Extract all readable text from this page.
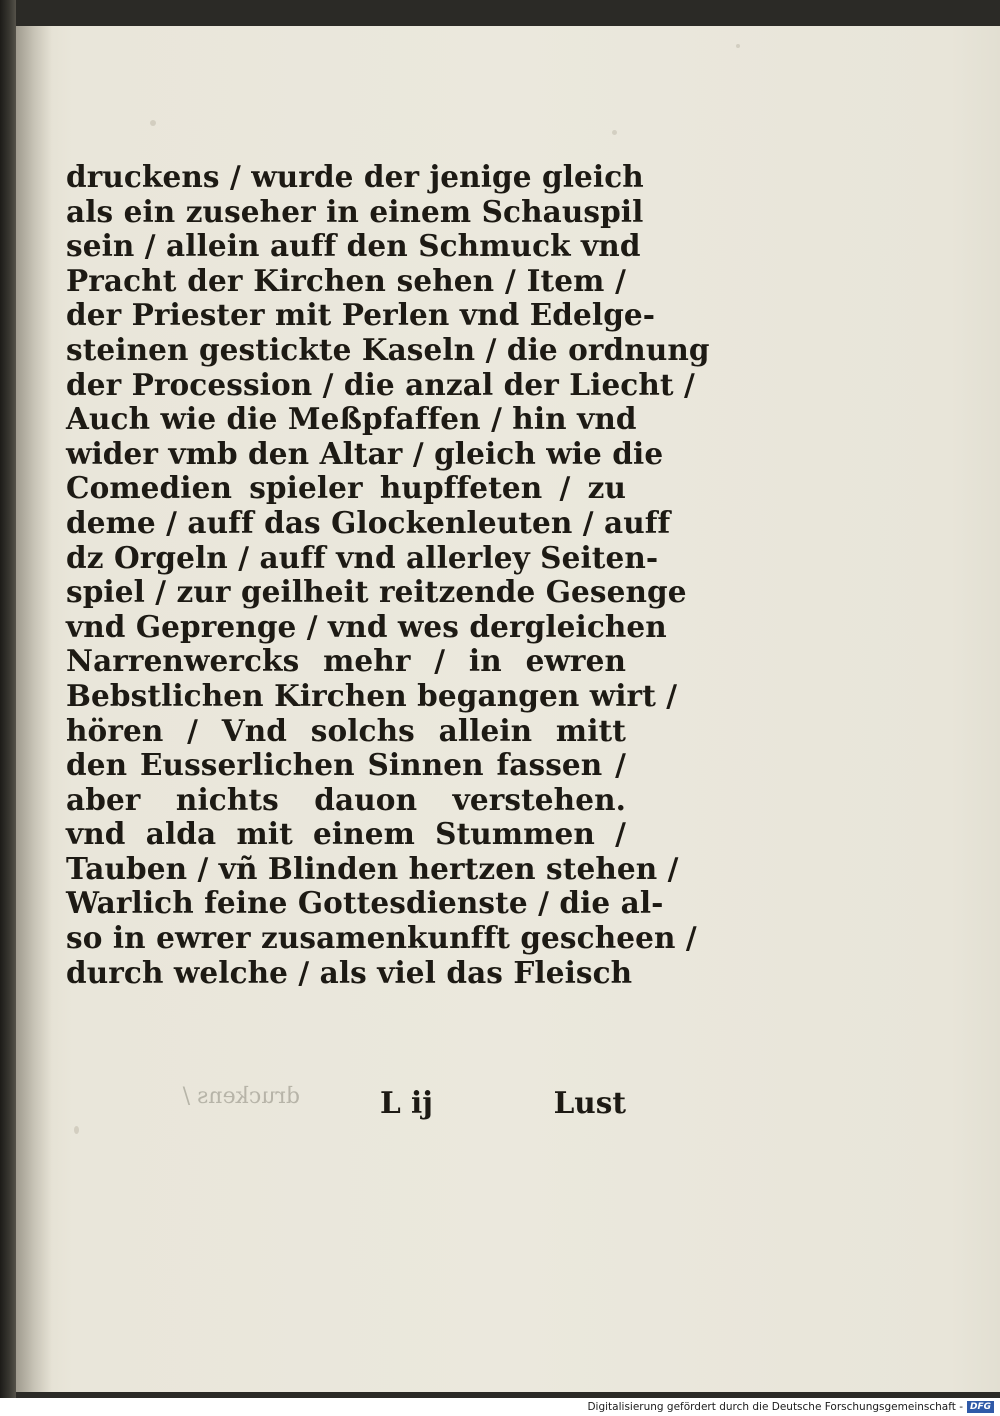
druckens / wurde der jenige gleich
als ein zuseher in einem Schauspil
sein / allein auff den Schmuck vnd
Pracht der Kirchen sehen / Item /
der Priester mit Perlen vnd Edelge-
steinen gestickte Kaseln / die ordnung
der Procession / die anzal der Liecht /
Auch wie die Meßpfaffen / hin vnd
wider vmb den Altar / gleich wie die
Comedien spieler hupffeten / zu
deme / auff das Glockenleuten / auff
dz Orgeln / auff vnd allerley Seiten-
spiel / zur geilheit reitzende Gesenge
vnd Geprenge / vnd wes dergleichen
Narrenwercks mehr / in ewren
Bebstlichen Kirchen begangen wirt /
hören / Vnd solchs allein mitt
den Eusserlichen Sinnen fassen /
aber nichts dauon verstehen.
vnd alda mit einem Stummen /
Tauben / vñ Blinden hertzen stehen /
Warlich feine Gottesdienste / die al-
so in ewrer zusamenkunfft gescheen /
durch welche / als viel das Fleisch
druckens /	L ij	Lust
Digitalisierung gefördert durch die Deutsche Forschungsgemeinschaft - DFG
